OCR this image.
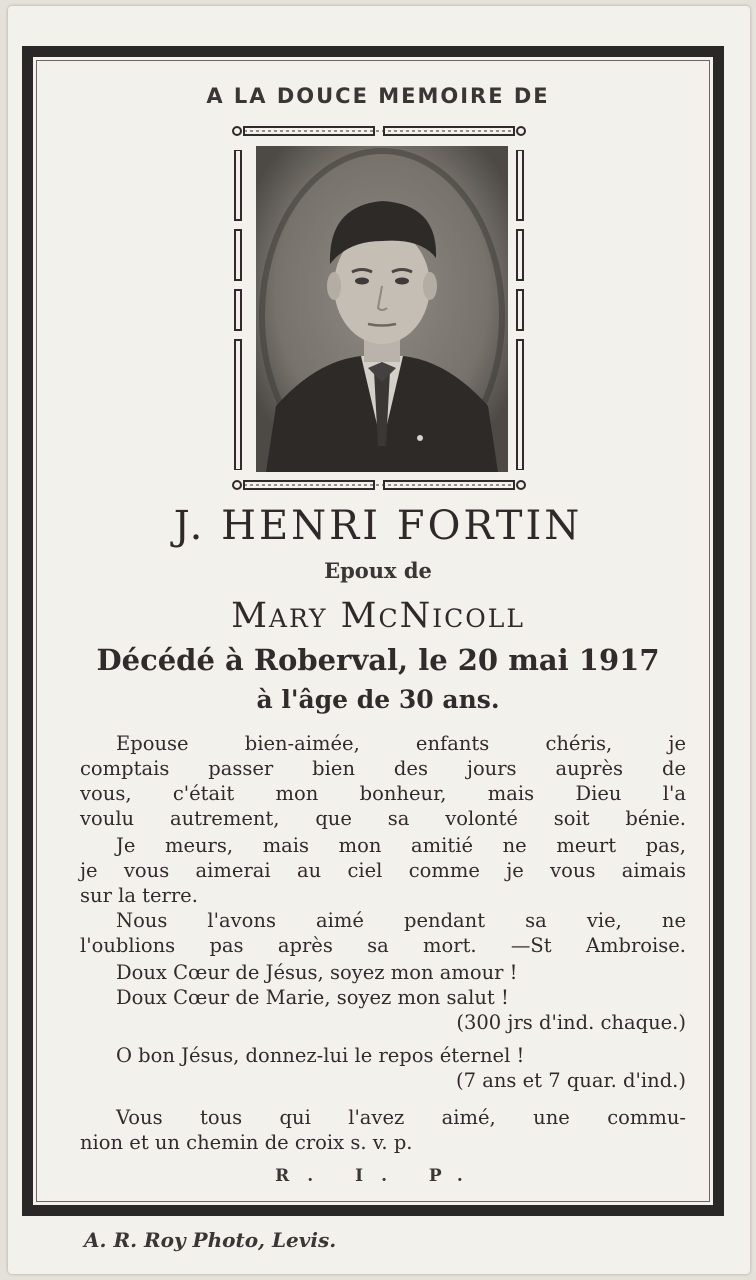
A LA DOUCE MEMOIRE DE
J. HENRI FORTIN
Epoux de
Mary McNicoll
Décédé à Roberval, le 20 mai 1917
à l'âge de 30 ans.
Epouse bien-aimée, enfants chéris, je
comptais passer bien des jours auprès de
vous, c'était mon bonheur, mais Dieu l'a
voulu autrement, que sa volonté soit bénie.
Je meurs, mais mon amitié ne meurt pas,
je vous aimerai au ciel comme je vous aimais
sur la terre.
Nous l'avons aimé pendant sa vie, ne
l'oublions pas après sa mort. —St Ambroise.
Doux Cœur de Jésus, soyez mon amour !
Doux Cœur de Marie, soyez mon salut !
(300 jrs d'ind. chaque.)
O bon Jésus, donnez-lui le repos éternel !
(7 ans et 7 quar. d'ind.)
Vous tous qui l'avez aimé, une commu-
nion et un chemin de croix s. v. p.
R. I. P.
A. R. Roy Photo, Levis.
